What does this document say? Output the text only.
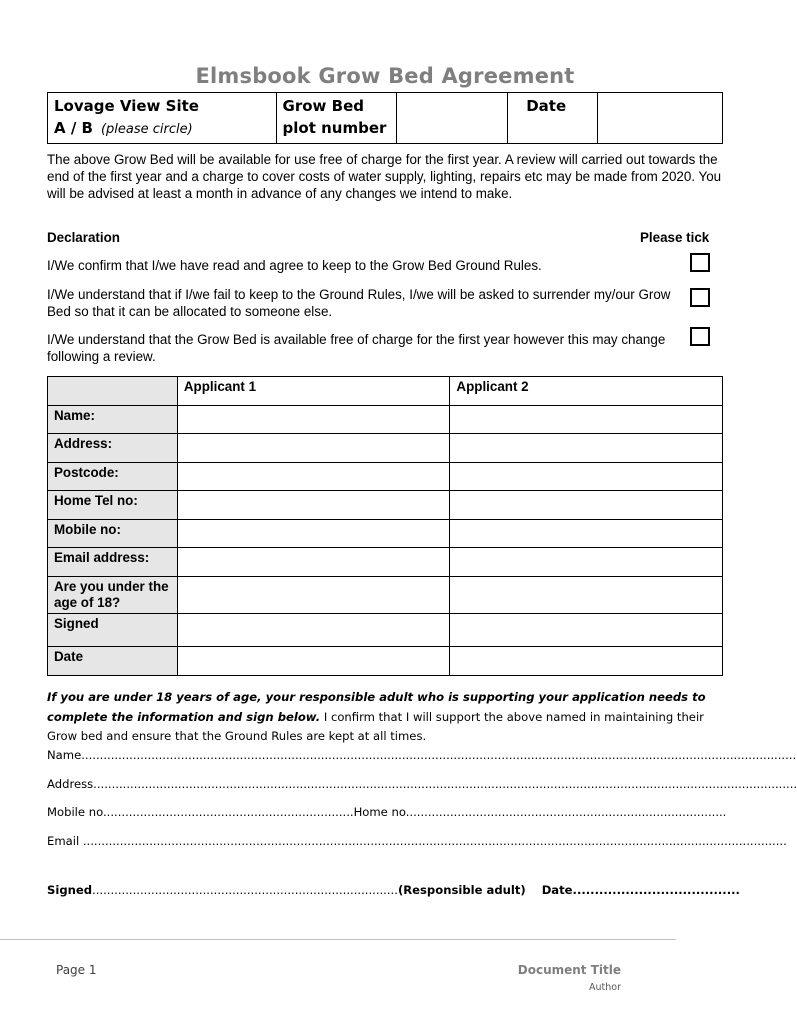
Elmsbook Grow Bed Agreement
Lovage View Site
A / B (please circle)

Grow Bed
plot number
		Date	
The above Grow Bed will be available for use free of charge for the first year. A review will carried out towards the end of the first year and a charge to cover costs of water supply, lighting, repairs etc may be made from 2020. You will be advised at least a month in advance of any changes we intend to make.
Declaration	Please tick
I/We confirm that I/we have read and agree to keep to the Grow Bed Ground Rules.
I/We understand that if I/we fail to keep to the Ground Rules, I/we will be asked to surrender my/our Grow Bed so that it can be allocated to someone else.
I/We understand that the Grow Bed is available free of charge for the first year however this may change following a review.
	Applicant 1	Applicant 2
Name:		
Address:		
Postcode:		
Home Tel no:		
Mobile no:		
Email address:		
Are you under the age of 18?		
Signed		
Date		
If you are under 18 years of age, your responsible adult who is supporting your application needs to complete the information and sign below. I confirm that I will support the above named in maintaining their Grow bed and ensure that the Ground Rules are kept at all times.
Name..................................................................................................................................................................................................
Address...............................................................................................................................................................................................
Mobile no....................................................................Home no.......................................................................................
Email ...............................................................................................................................................................................................
Signed...................................................................................(Responsible adult) Date......................................
Page 1	Document Title
Author
